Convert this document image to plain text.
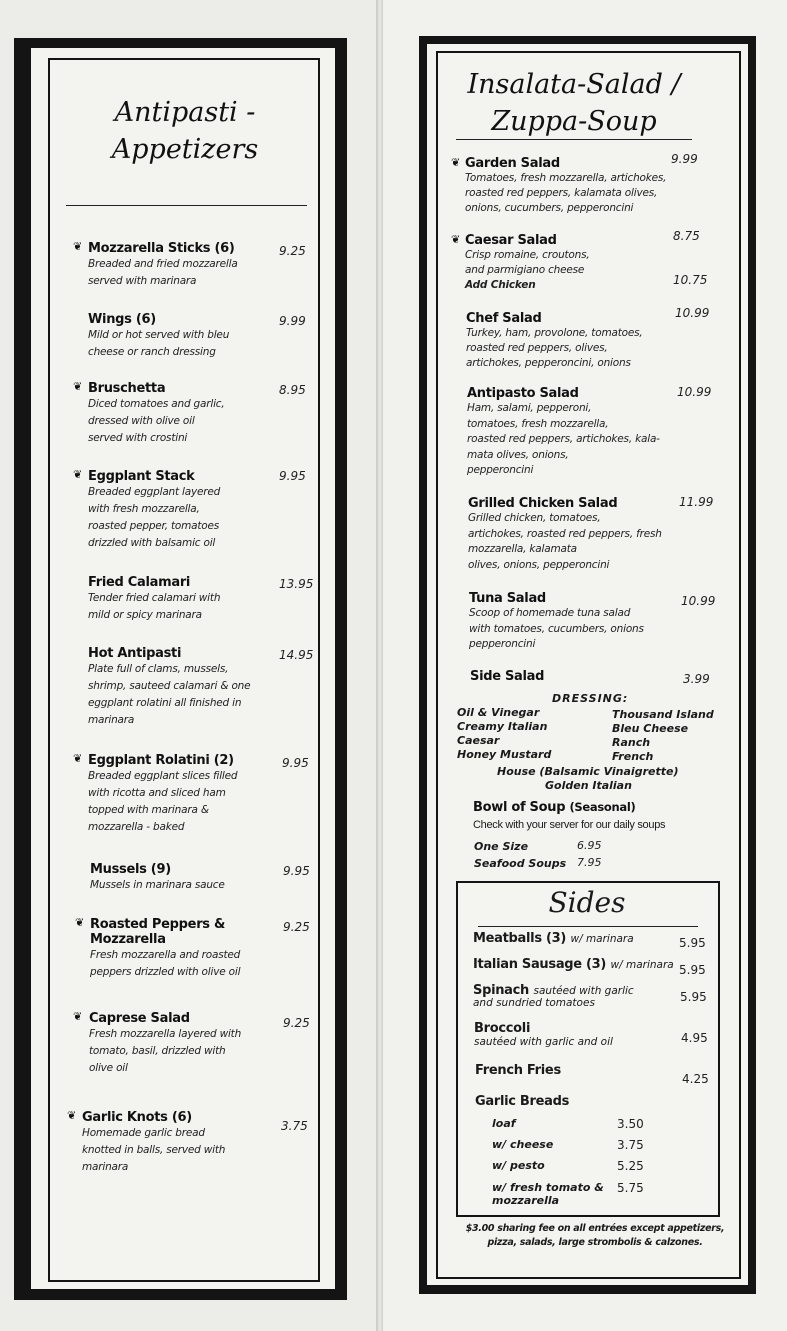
Antipasti -
Appetizers
Mozzarella Sticks (6)
Breaded and fried mozzarella
served with marinara
❦	9.25
Wings (6)
Mild or hot served with bleu
cheese or ranch dressing
9.99
Bruschetta
Diced tomatoes and garlic,
dressed with olive oil
served with crostini
❦	8.95
Eggplant Stack
Breaded eggplant layered
with fresh mozzarella,
roasted pepper, tomatoes
drizzled with balsamic oil
❦	9.95
Fried Calamari
Tender fried calamari with
mild or spicy marinara
13.95
Hot Antipasti
Plate full of clams, mussels,
shrimp, sauteed calamari & one
eggplant rolatini all finished in
marinara
14.95
Eggplant Rolatini (2)
Breaded eggplant slices filled
with ricotta and sliced ham
topped with marinara &
mozzarella - baked
❦	9.95
Mussels (9)
Mussels in marinara sauce
9.95
Roasted Peppers &
Mozzarella
Fresh mozzarella and roasted
peppers drizzled with olive oil
❦	9.25
Caprese Salad
Fresh mozzarella layered with
tomato, basil, drizzled with
olive oil
❦	9.25
Garlic Knots (6)
Homemade garlic bread
knotted in balls, served with
marinara
❦
3.75
Insalata-Salad /
Zuppa-Soup
Garden Salad
Tomatoes, fresh mozzarella, artichokes,
roasted red peppers, kalamata olives,
onions, cucumbers, pepperoncini
❦	9.99
Caesar Salad
Crisp romaine, croutons,
and parmigiano cheese
Add Chicken
❦	8.75
10.75
Chef Salad
Turkey, ham, provolone, tomatoes,
roasted red peppers, olives,
artichokes, pepperoncini, onions
10.99
Antipasto Salad
Ham, salami, pepperoni,
tomatoes, fresh mozzarella,
roasted red peppers, artichokes, kala-
mata olives, onions,
pepperoncini
10.99
Grilled Chicken Salad
Grilled chicken, tomatoes,
artichokes, roasted red peppers, fresh
mozzarella, kalamata
olives, onions, pepperoncini
11.99
Tuna Salad
Scoop of homemade tuna salad
with tomatoes, cucumbers, onions
pepperoncini
10.99
Side Salad	3.99
DRESSING:
Oil & Vinegar
Creamy Italian
Caesar
Honey Mustard
Thousand Island
Bleu Cheese
Ranch
French
House (Balsamic Vinaigrette)
Golden Italian
Bowl of Soup (Seasonal)
Check with your server for our daily soups
One Size	6.95
Seafood Soups 7.95
Sides
Meatballs (3) w/ marinara	5.95
Italian Sausage (3) w/ marinara 5.95
Spinach sautéed with garlic
and sundried tomatoes	5.95
Broccoli
sautéed with garlic and oil	4.95
French Fries
4.25
Garlic Breads
loaf	3.50
w/ cheese	3.75
w/ pesto	5.25
w/ fresh tomato &
mozzarella
5.75
$3.00 sharing fee on all entrées except appetizers,
pizza, salads, large strombolis & calzones.
